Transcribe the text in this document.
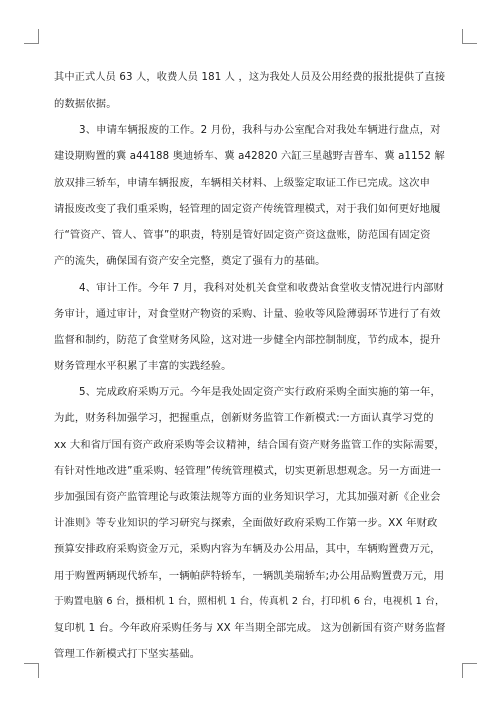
其中正式人员 63 人，收费人员 181 人 ，这为我处人员及公用经费的报批提供了直接
的数据依据。
3、申请车辆报废的工作。2 月份，我科与办公室配合对我处车辆进行盘点，对
建设期购置的冀 a44188 奥迪轿车、冀 a42820 六缸三星越野吉普车、冀 a1152 解
放双排三轿车，申请车辆报废，车辆相关材料、上级鉴定取证工作已完成。这次申
请报废改变了我们重采购，轻管理的固定资产传统管理模式，对于我们如何更好地履
行“管资产、管人、管事”的职责，特别是管好固定资产资这盘账，防范国有固定资
产的流失，确保国有资产安全完整，奠定了强有力的基础。
4、审计工作。今年 7 月，我科对处机关食堂和收费站食堂收支情况进行内部财
务审计，通过审计，对食堂财产物资的采购、计量、验收等风险薄弱环节进行了有效
监督和制约，防范了食堂财务风险，这对进一步健全内部控制制度，节约成本，提升
财务管理水平积累了丰富的实践经验。
5、完成政府采购万元。今年是我处固定资产实行政府采购全面实施的第一年，
为此，财务科加强学习，把握重点，创新财务监管工作新模式:一方面认真学习党的
xx 大和省厅国有资产政府采购等会议精神，结合国有资产财务监管工作的实际需要，
有针对性地改进”重采购、轻管理”传统管理模式，切实更新思想观念。另一方面进一
步加强国有资产监管理论与政策法规等方面的业务知识学习，尤其加强对新《企业会
计准则》等专业知识的学习研究与探索，全面做好政府采购工作第一步。XX 年财政
预算安排政府采购资金万元，采购内容为车辆及办公用品，其中，车辆购置费万元，
用于购置两辆现代轿车，一辆帕萨特轿车，一辆凯美瑞轿车;办公用品购置费万元，用
于购置电脑 6 台，摄相机 1 台，照相机 1 台，传真机 2 台，打印机 6 台，电视机 1 台，
复印机 1 台。今年政府采购任务与 XX 年当期全部完成。 这为创新国有资产财务监督
管理工作新模式打下坚实基础。
